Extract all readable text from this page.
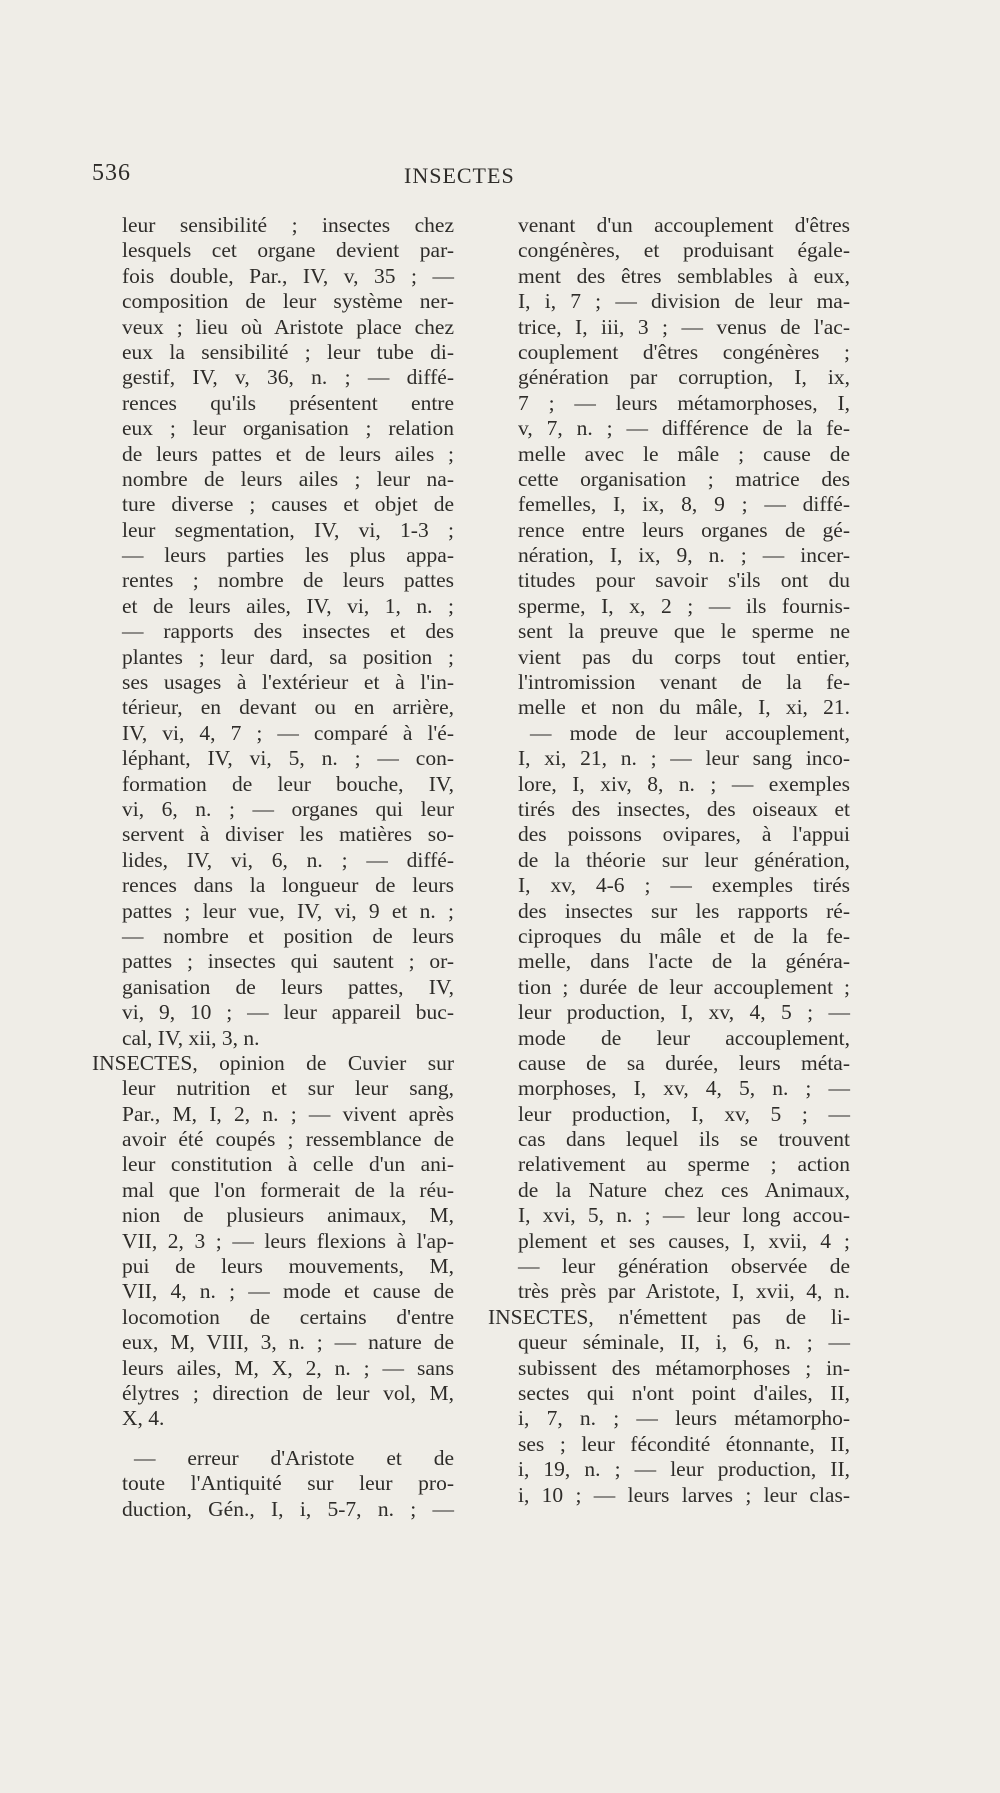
536	INSECTES
leur sensibilité ; insectes chez
lesquels cet organe devient par-
fois double, Par., IV, v, 35 ; —
composition de leur système ner-
veux ; lieu où Aristote place chez
eux la sensibilité ; leur tube di-
gestif, IV, v, 36, n. ; — diffé-
rences qu'ils présentent entre
eux ; leur organisation ; relation
de leurs pattes et de leurs ailes ;
nombre de leurs ailes ; leur na-
ture diverse ; causes et objet de
leur segmentation, IV, vi, 1-3 ;
— leurs parties les plus appa-
rentes ; nombre de leurs pattes
et de leurs ailes, IV, vi, 1, n. ;
— rapports des insectes et des
plantes ; leur dard, sa position ;
ses usages à l'extérieur et à l'in-
térieur, en devant ou en arrière,
IV, vi, 4, 7 ; — comparé à l'é-
léphant, IV, vi, 5, n. ; — con-
formation de leur bouche, IV,
vi, 6, n. ; — organes qui leur
servent à diviser les matières so-
lides, IV, vi, 6, n. ; — diffé-
rences dans la longueur de leurs
pattes ; leur vue, IV, vi, 9 et n. ;
— nombre et position de leurs
pattes ; insectes qui sautent ; or-
ganisation de leurs pattes, IV,
vi, 9, 10 ; — leur appareil buc-
cal, IV, xii, 3, n.
INSECTES, opinion de Cuvier sur
leur nutrition et sur leur sang,
Par., M, I, 2, n. ; — vivent après
avoir été coupés ; ressemblance de
leur constitution à celle d'un ani-
mal que l'on formerait de la réu-
nion de plusieurs animaux, M,
VII, 2, 3 ; — leurs flexions à l'ap-
pui de leurs mouvements, M,
VII, 4, n. ; — mode et cause de
locomotion de certains d'entre
eux, M, VIII, 3, n. ; — nature de
leurs ailes, M, X, 2, n. ; — sans
élytres ; direction de leur vol, M,
X, 4.
— erreur d'Aristote et de
toute l'Antiquité sur leur pro-
duction, Gén., I, i, 5-7, n. ; —
venant d'un accouplement d'êtres
congénères, et produisant égale-
ment des êtres semblables à eux,
I, i, 7 ; — division de leur ma-
trice, I, iii, 3 ; — venus de l'ac-
couplement d'êtres congénères ;
génération par corruption, I, ix,
7 ; — leurs métamorphoses, I,
v, 7, n. ; — différence de la fe-
melle avec le mâle ; cause de
cette organisation ; matrice des
femelles, I, ix, 8, 9 ; — diffé-
rence entre leurs organes de gé-
nération, I, ix, 9, n. ; — incer-
titudes pour savoir s'ils ont du
sperme, I, x, 2 ; — ils fournis-
sent la preuve que le sperme ne
vient pas du corps tout entier,
l'intromission venant de la fe-
melle et non du mâle, I, xi, 21.
— mode de leur accouplement,
I, xi, 21, n. ; — leur sang inco-
lore, I, xiv, 8, n. ; — exemples
tirés des insectes, des oiseaux et
des poissons ovipares, à l'appui
de la théorie sur leur génération,
I, xv, 4-6 ; — exemples tirés
des insectes sur les rapports ré-
ciproques du mâle et de la fe-
melle, dans l'acte de la généra-
tion ; durée de leur accouplement ;
leur production, I, xv, 4, 5 ; —
mode de leur accouplement,
cause de sa durée, leurs méta-
morphoses, I, xv, 4, 5, n. ; —
leur production, I, xv, 5 ; —
cas dans lequel ils se trouvent
relativement au sperme ; action
de la Nature chez ces Animaux,
I, xvi, 5, n. ; — leur long accou-
plement et ses causes, I, xvii, 4 ;
— leur génération observée de
très près par Aristote, I, xvii, 4, n.
INSECTES, n'émettent pas de li-
queur séminale, II, i, 6, n. ; —
subissent des métamorphoses ; in-
sectes qui n'ont point d'ailes, II,
i, 7, n. ; — leurs métamorpho-
ses ; leur fécondité étonnante, II,
i, 19, n. ; — leur production, II,
i, 10 ; — leurs larves ; leur clas-
